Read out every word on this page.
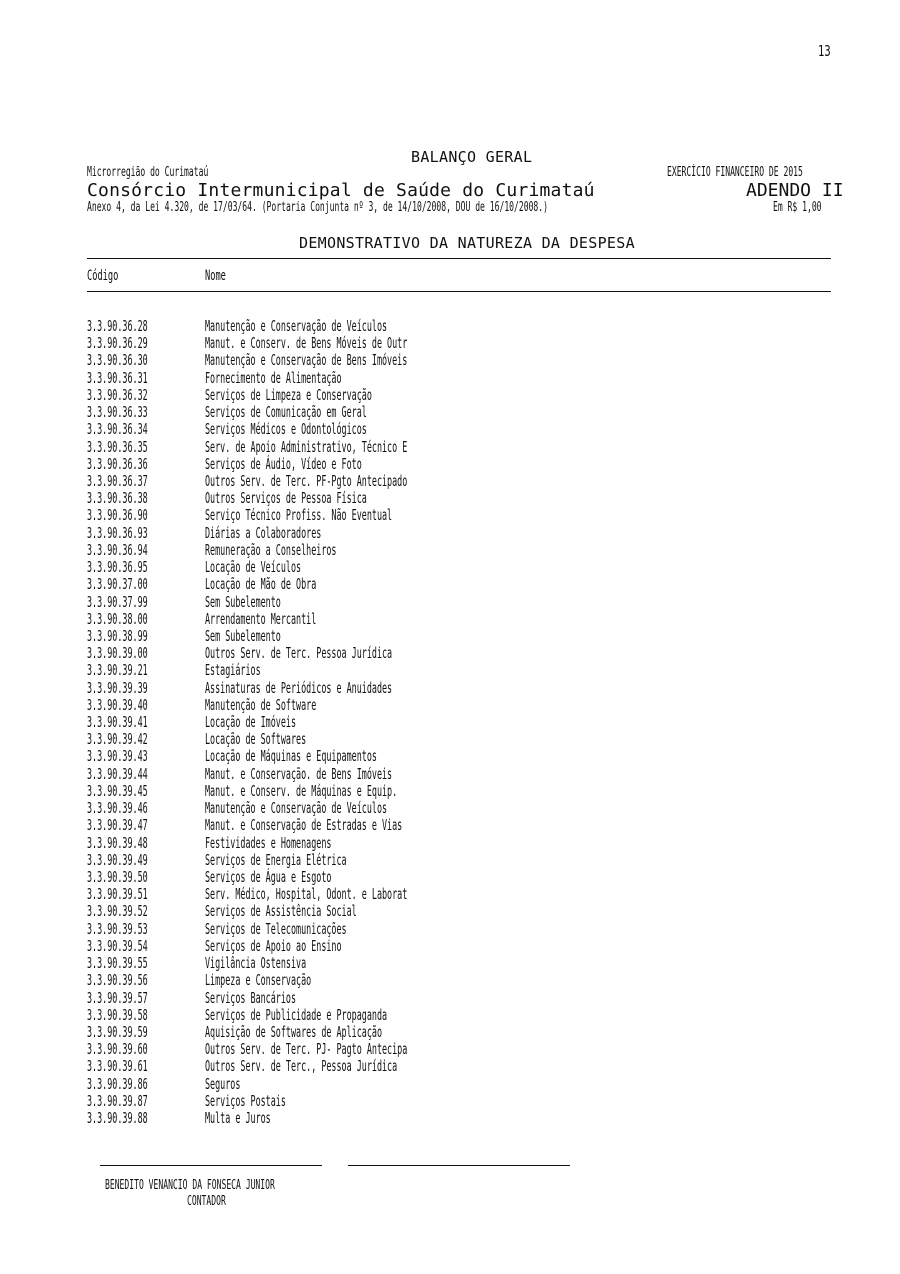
13
BALANÇO GERAL
Microrregião do Curimataú	EXERCÍCIO FINANCEIRO DE 2015
Consórcio Intermunicipal de Saúde do Curimataú	ADENDO II
Anexo 4, da Lei 4.320, de 17/03/64. (Portaria Conjunta nº 3, de 14/10/2008, DOU de 16/10/2008.)	Em R$ 1,00
DEMONSTRATIVO DA NATUREZA DA DESPESA
Código	Nome
3.3.90.36.28	Manutenção e Conservação de Veículos
3.3.90.36.29	Manut. e Conserv. de Bens Móveis de Outr
3.3.90.36.30	Manutenção e Conservação de Bens Imóveis
3.3.90.36.31	Fornecimento de Alimentação
3.3.90.36.32	Serviços de Limpeza e Conservação
3.3.90.36.33	Serviços de Comunicação em Geral
3.3.90.36.34	Serviços Médicos e Odontológicos
3.3.90.36.35	Serv. de Apoio Administrativo, Técnico E
3.3.90.36.36	Serviços de Áudio, Vídeo e Foto
3.3.90.36.37	Outros Serv. de Terc. PF-Pgto Antecipado
3.3.90.36.38	Outros Serviços de Pessoa Física
3.3.90.36.90	Serviço Técnico Profiss. Não Eventual
3.3.90.36.93	Diárias a Colaboradores
3.3.90.36.94	Remuneração a Conselheiros
3.3.90.36.95	Locação de Veículos
3.3.90.37.00	Locação de Mão de Obra
3.3.90.37.99	Sem Subelemento
3.3.90.38.00	Arrendamento Mercantil
3.3.90.38.99	Sem Subelemento
3.3.90.39.00	Outros Serv. de Terc. Pessoa Jurídica
3.3.90.39.21	Estagiários
3.3.90.39.39	Assinaturas de Periódicos e Anuidades
3.3.90.39.40	Manutenção de Software
3.3.90.39.41	Locação de Imóveis
3.3.90.39.42	Locação de Softwares
3.3.90.39.43	Locação de Máquinas e Equipamentos
3.3.90.39.44	Manut. e Conservação. de Bens Imóveis
3.3.90.39.45	Manut. e Conserv. de Máquinas e Equip.
3.3.90.39.46	Manutenção e Conservação de Veículos
3.3.90.39.47	Manut. e Conservação de Estradas e Vias
3.3.90.39.48	Festividades e Homenagens
3.3.90.39.49	Serviços de Energia Elétrica
3.3.90.39.50	Serviços de Água e Esgoto
3.3.90.39.51	Serv. Médico, Hospital, Odont. e Laborat
3.3.90.39.52	Serviços de Assistência Social
3.3.90.39.53	Serviços de Telecomunicações
3.3.90.39.54	Serviços de Apoio ao Ensino
3.3.90.39.55	Vigilância Ostensiva
3.3.90.39.56	Limpeza e Conservação
3.3.90.39.57	Serviços Bancários
3.3.90.39.58	Serviços de Publicidade e Propaganda
3.3.90.39.59	Aquisição de Softwares de Aplicação
3.3.90.39.60	Outros Serv. de Terc. PJ- Pagto Antecipa
3.3.90.39.61	Outros Serv. de Terc., Pessoa Jurídica
3.3.90.39.86	Seguros
3.3.90.39.87	Serviços Postais
3.3.90.39.88	Multa e Juros
BENEDITO VENANCIO DA FONSECA JUNIOR
CONTADOR
